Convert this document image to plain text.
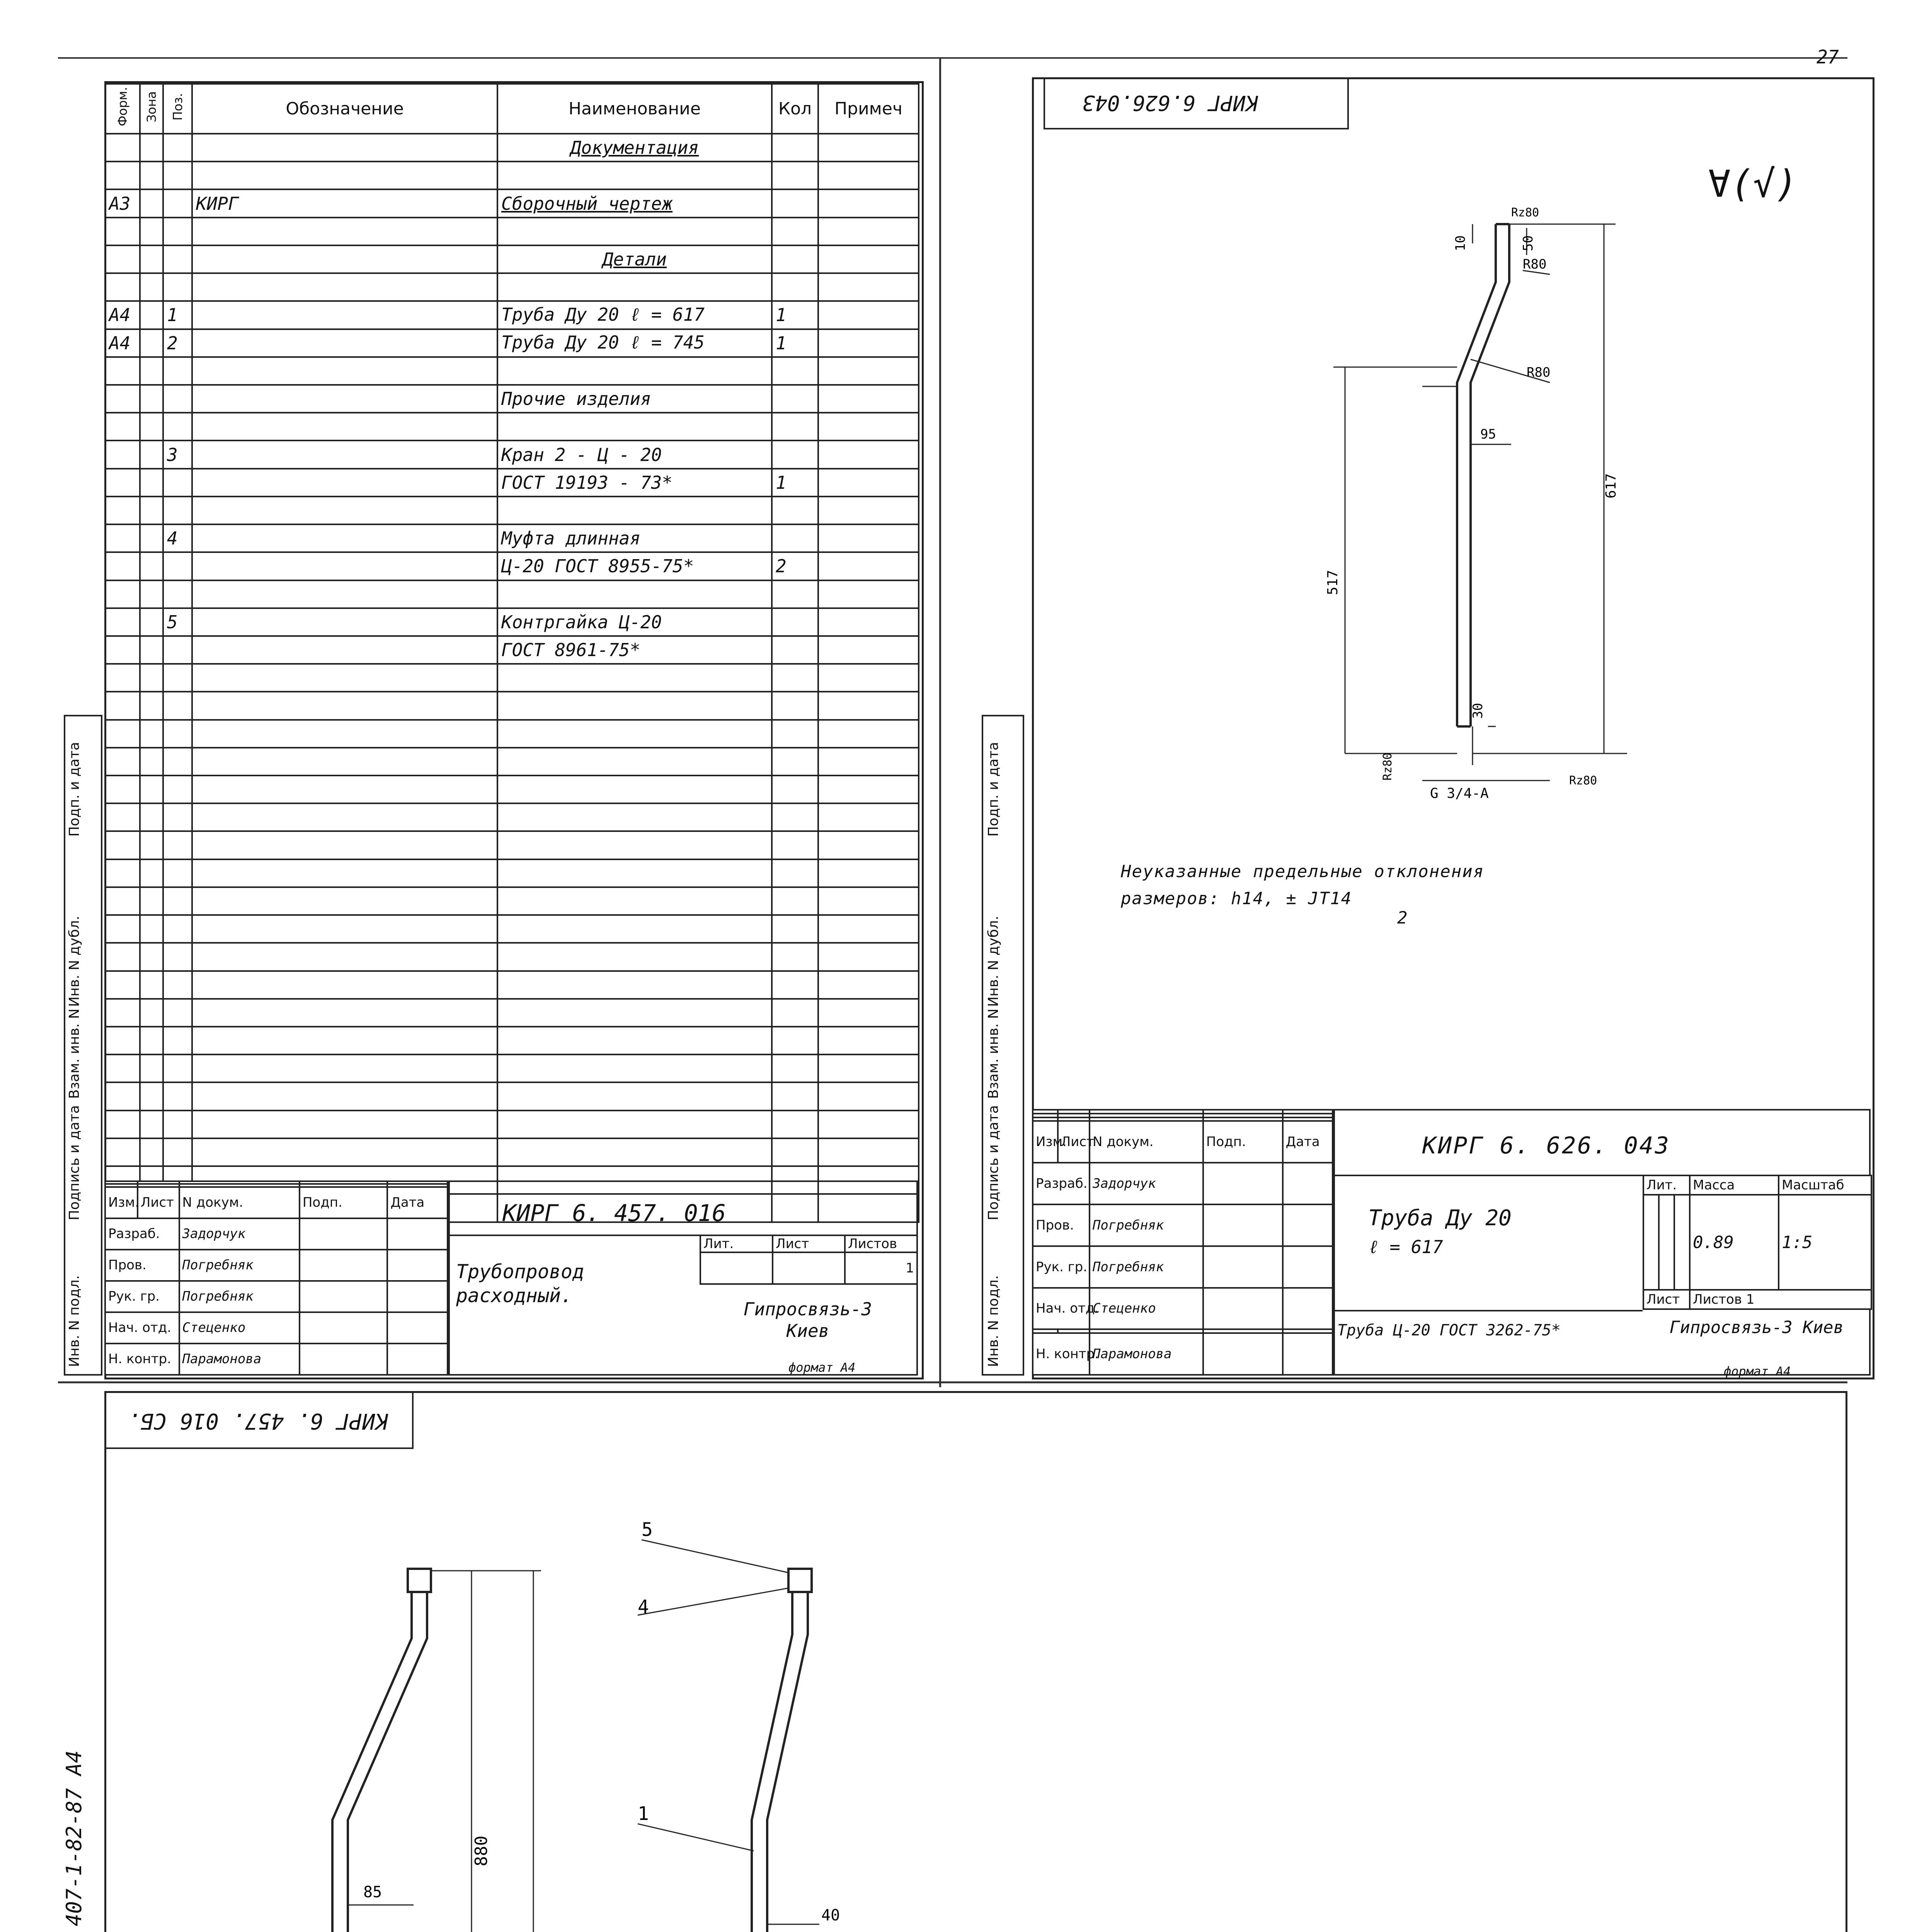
27
Форм.	Зона	Поз.	Обозначение	Наименование	Кол	Примеч
				Документация		

А3			КИРГ	Сборочный чертеж		

				Детали		

А4		1		Труба Ду 20 ℓ = 617	1	
А4		2		Труба Ду 20 ℓ = 745	1	

				Прочие изделия		

		3		Кран 2 - Ц - 20		
				ГОСТ 19193 - 73*	1	

		4		Муфта длинная		
				Ц-20 ГОСТ 8955-75*	2	

		5		Контргайка Ц-20		
				ГОСТ 8961-75*		

Изм.	Лист	N докум.	Подп.	Дата
Разраб.		Задорчук		
Пров.		Погребняк		
Рук. гр.		Погребняк		
Нач. отд.		Стеценко		
Н. контр.		Парамонова		
КИРГ 6. 457. 016
Трубопровод расходный.
Лит.	Лист	Листов
		1
Гипросвязь-3 Киев
формат А4
Инв. N подл.
Подпись и дата
Взам. инв. N
Инв. N дубл.
Подп. и дата
КИРГ 6.626.043
∀(√)
10	50
Rz80
R80
R80
95
617
517
30
Rz80
Rz80
G 3/4-A
Неуказанные предельные отклонения
размеров: h14, ± JT14
2

Изм.	Лист	N докум.	Подп.	Дата
Разраб.		Задорчук		
Пров.		Погребняк		
Рук. гр.		Погребняк		
Нач. отд.		Стеценко		

Н. контр.		Парамонова		
КИРГ 6. 626. 043
Труба Ду 20
ℓ = 617
Труба Ц-20 ГОСТ 3262-75*
Лит.			Масса	Масштаб
			0.89	1:5
Лист			Листов 1	
Гипросвязь-3 Киев
формат А4
Инв. N подл.
Подпись и дата
Взам. инв. N
Инв. N дубл.
Подп. и дата
КИРГ 6. 457. 016 СБ.
407-1-82-87 А4	85
880
5
4
1
40
